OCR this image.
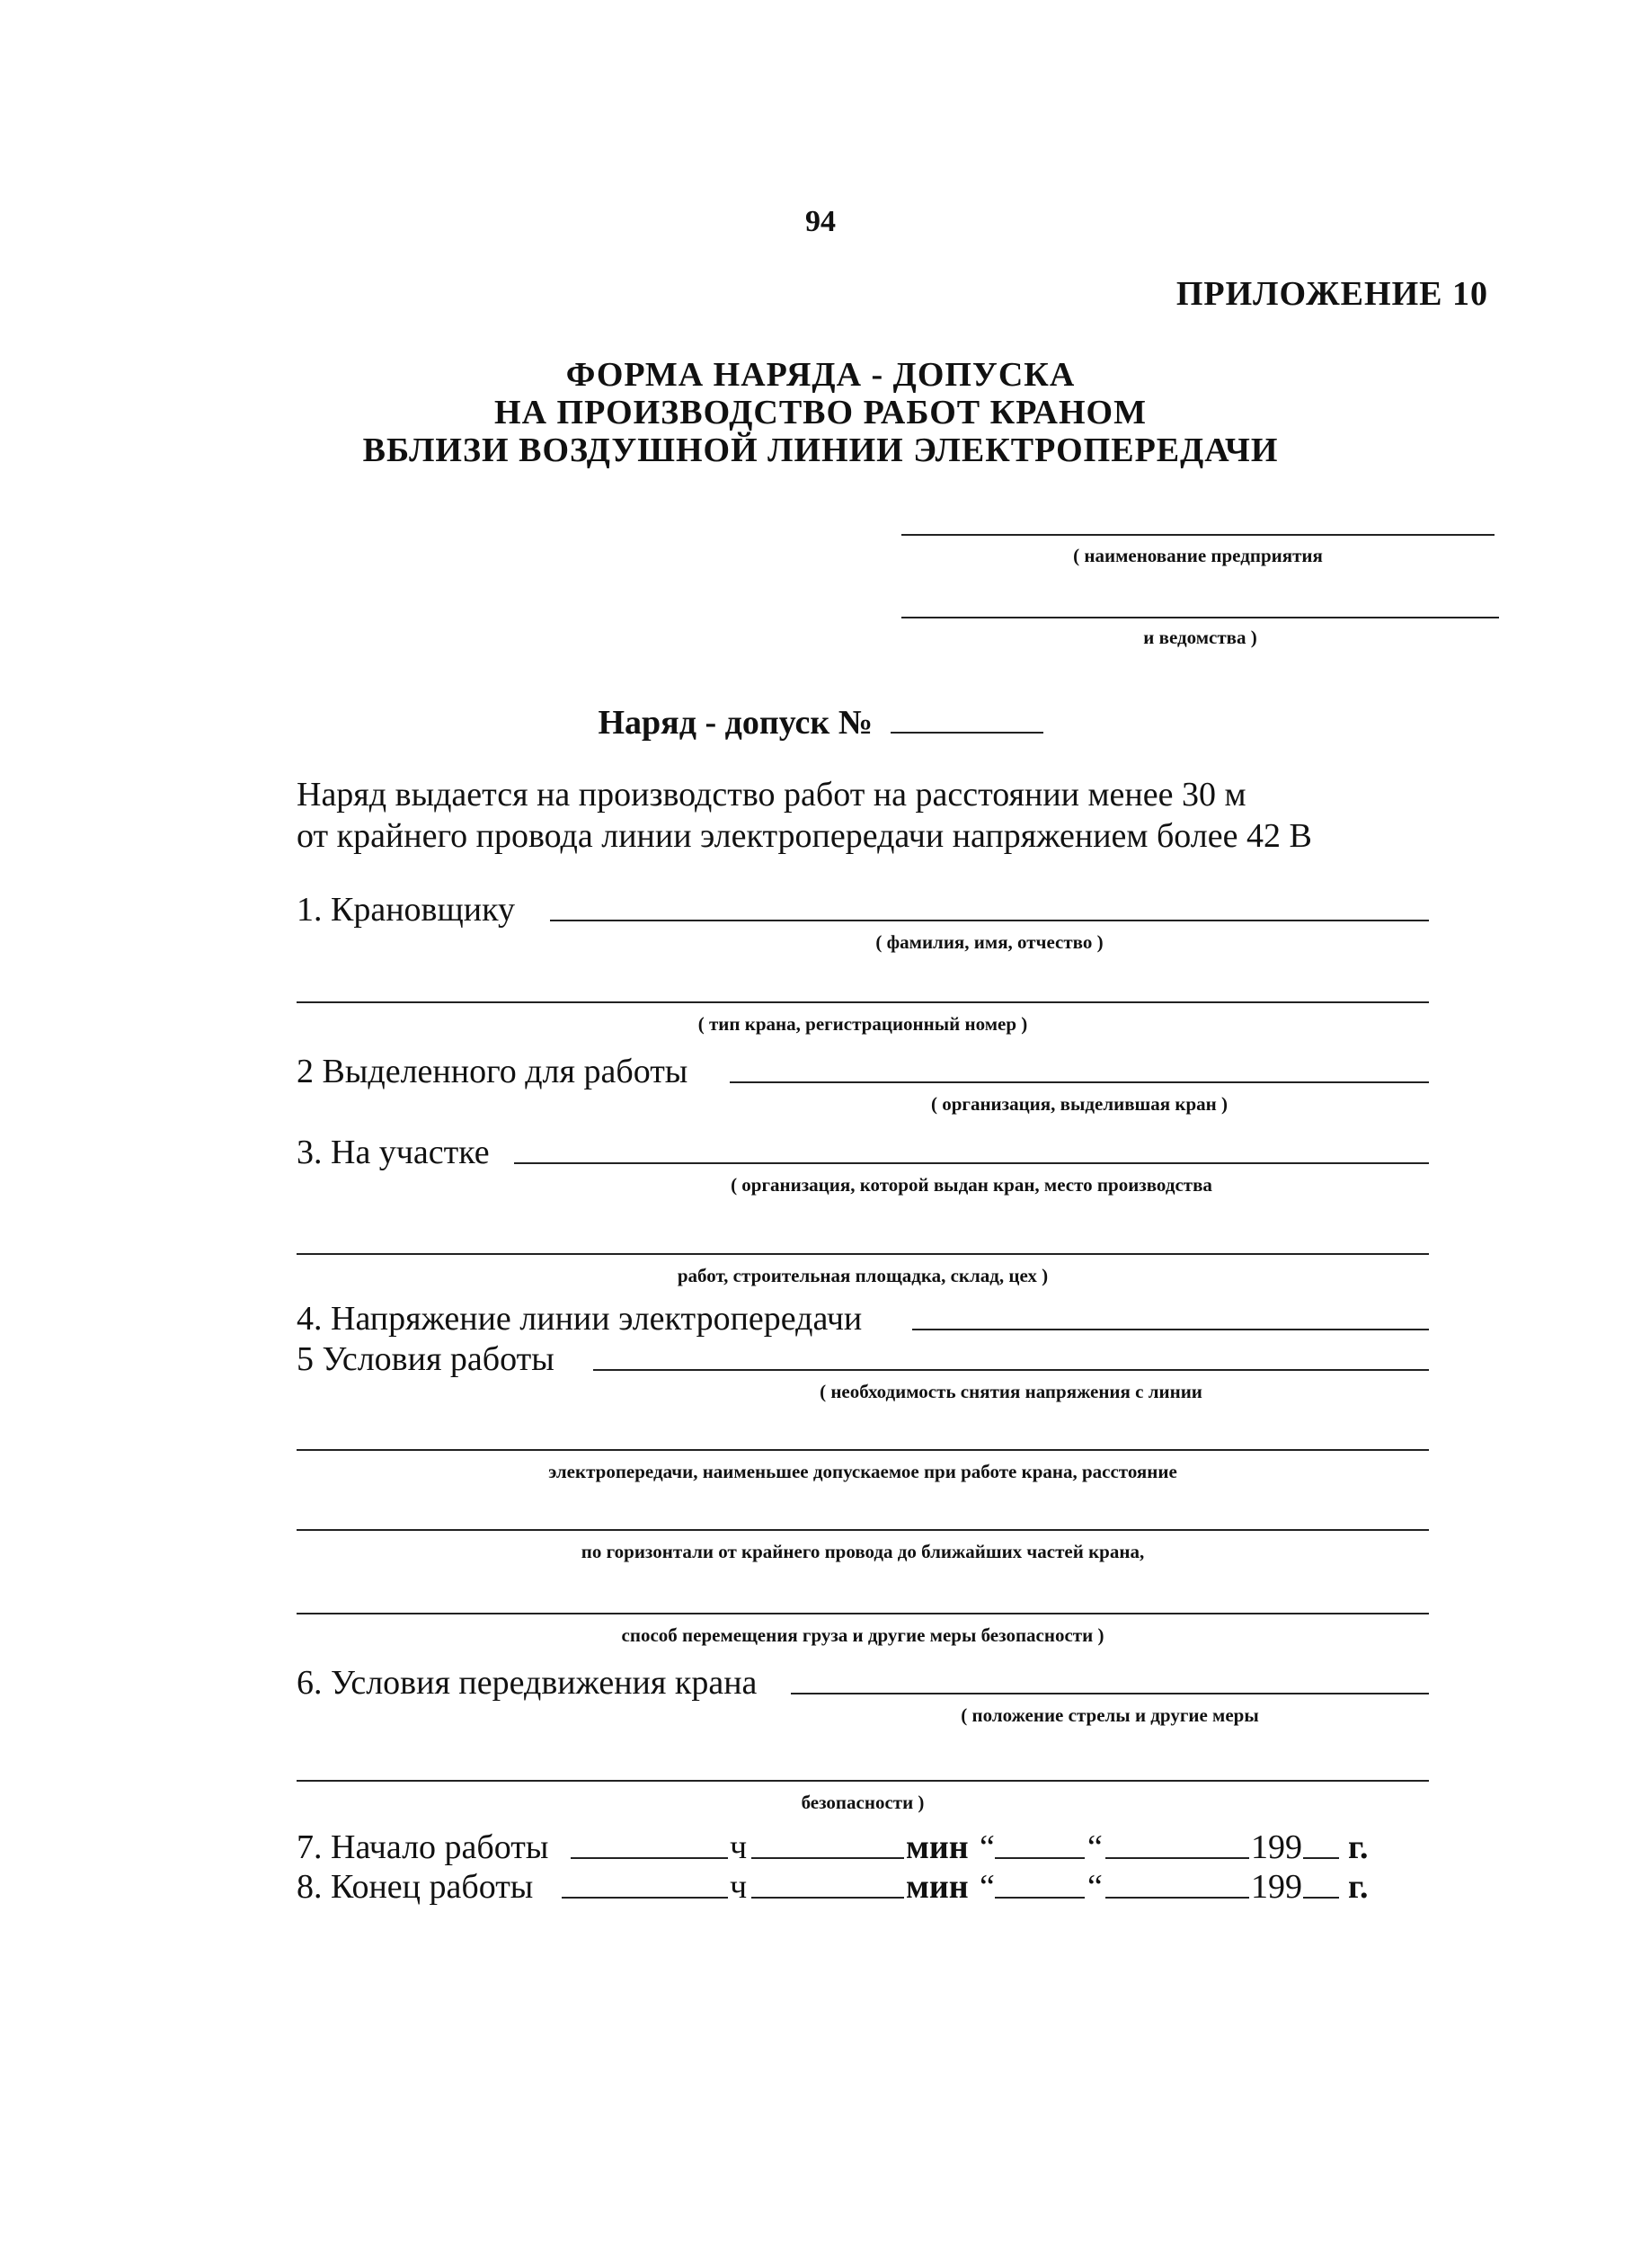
94
ПРИЛОЖЕНИЕ 10
ФОРМА НАРЯДА - ДОПУСКА
НА ПРОИЗВОДСТВО РАБОТ КРАНОМ
ВБЛИЗИ ВОЗДУШНОЙ ЛИНИИ ЭЛЕКТРОПЕРЕДАЧИ
( наименование предприятия
и ведомства )
Наряд - допуск №
Наряд выдается на производство работ на расстоянии менее 30 м
от крайнего провода линии электропередачи напряжением более 42 В
1. Крановщику
( фамилия, имя, отчество )
( тип крана, регистрационный номер )
2 Выделенного для работы
( организация, выделившая кран )
3. На участке
( организация, которой выдан кран, место производства
работ, строительная площадка, склад, цех )
4. Напряжение линии электропередачи
5 Условия работы
( необходимость снятия напряжения с линии
электропередачи, наименьшее допускаемое при работе крана, расстояние
по горизонтали от крайнего провода до ближайших частей крана,
способ перемещения груза и другие меры безопасности )
6. Условия передвижения крана
( положение стрелы и другие меры
безопасности )
7. Начало работы	ч	мин “	“	199 г.
8. Конец работы	ч	мин “	“	199 г.
